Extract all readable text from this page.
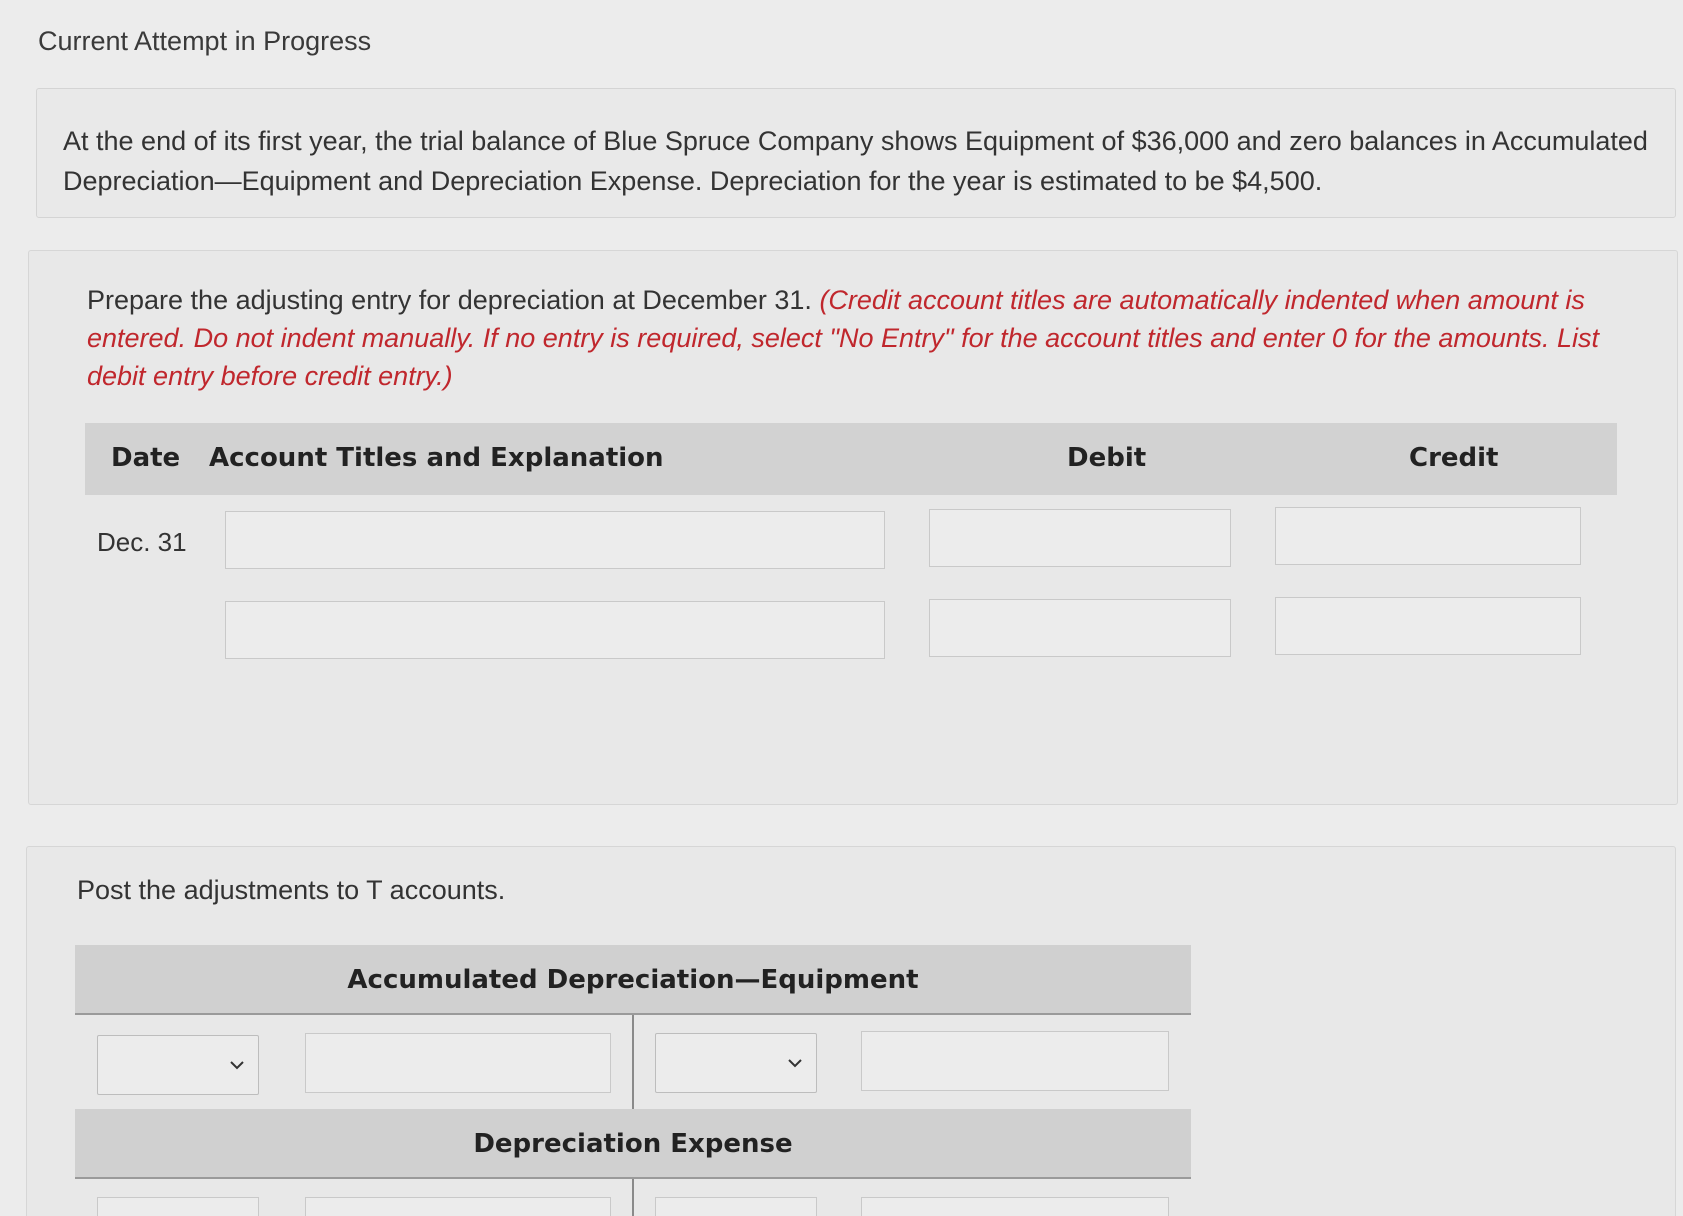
Current Attempt in Progress
At the end of its first year, the trial balance of Blue Spruce Company shows Equipment of $36,000 and zero balances in Accumulated Depreciation—Equipment and Depreciation Expense. Depreciation for the year is estimated to be $4,500.
Prepare the adjusting entry for depreciation at December 31. (Credit account titles are automatically indented when amount is entered. Do not indent manually. If no entry is required, select "No Entry" for the account titles and enter 0 for the amounts. List debit entry before credit entry.)
Date Account Titles and Explanation	Debit	Credit
Dec. 31
Post the adjustments to T accounts.
Accumulated Depreciation—Equipment
Depreciation Expense
